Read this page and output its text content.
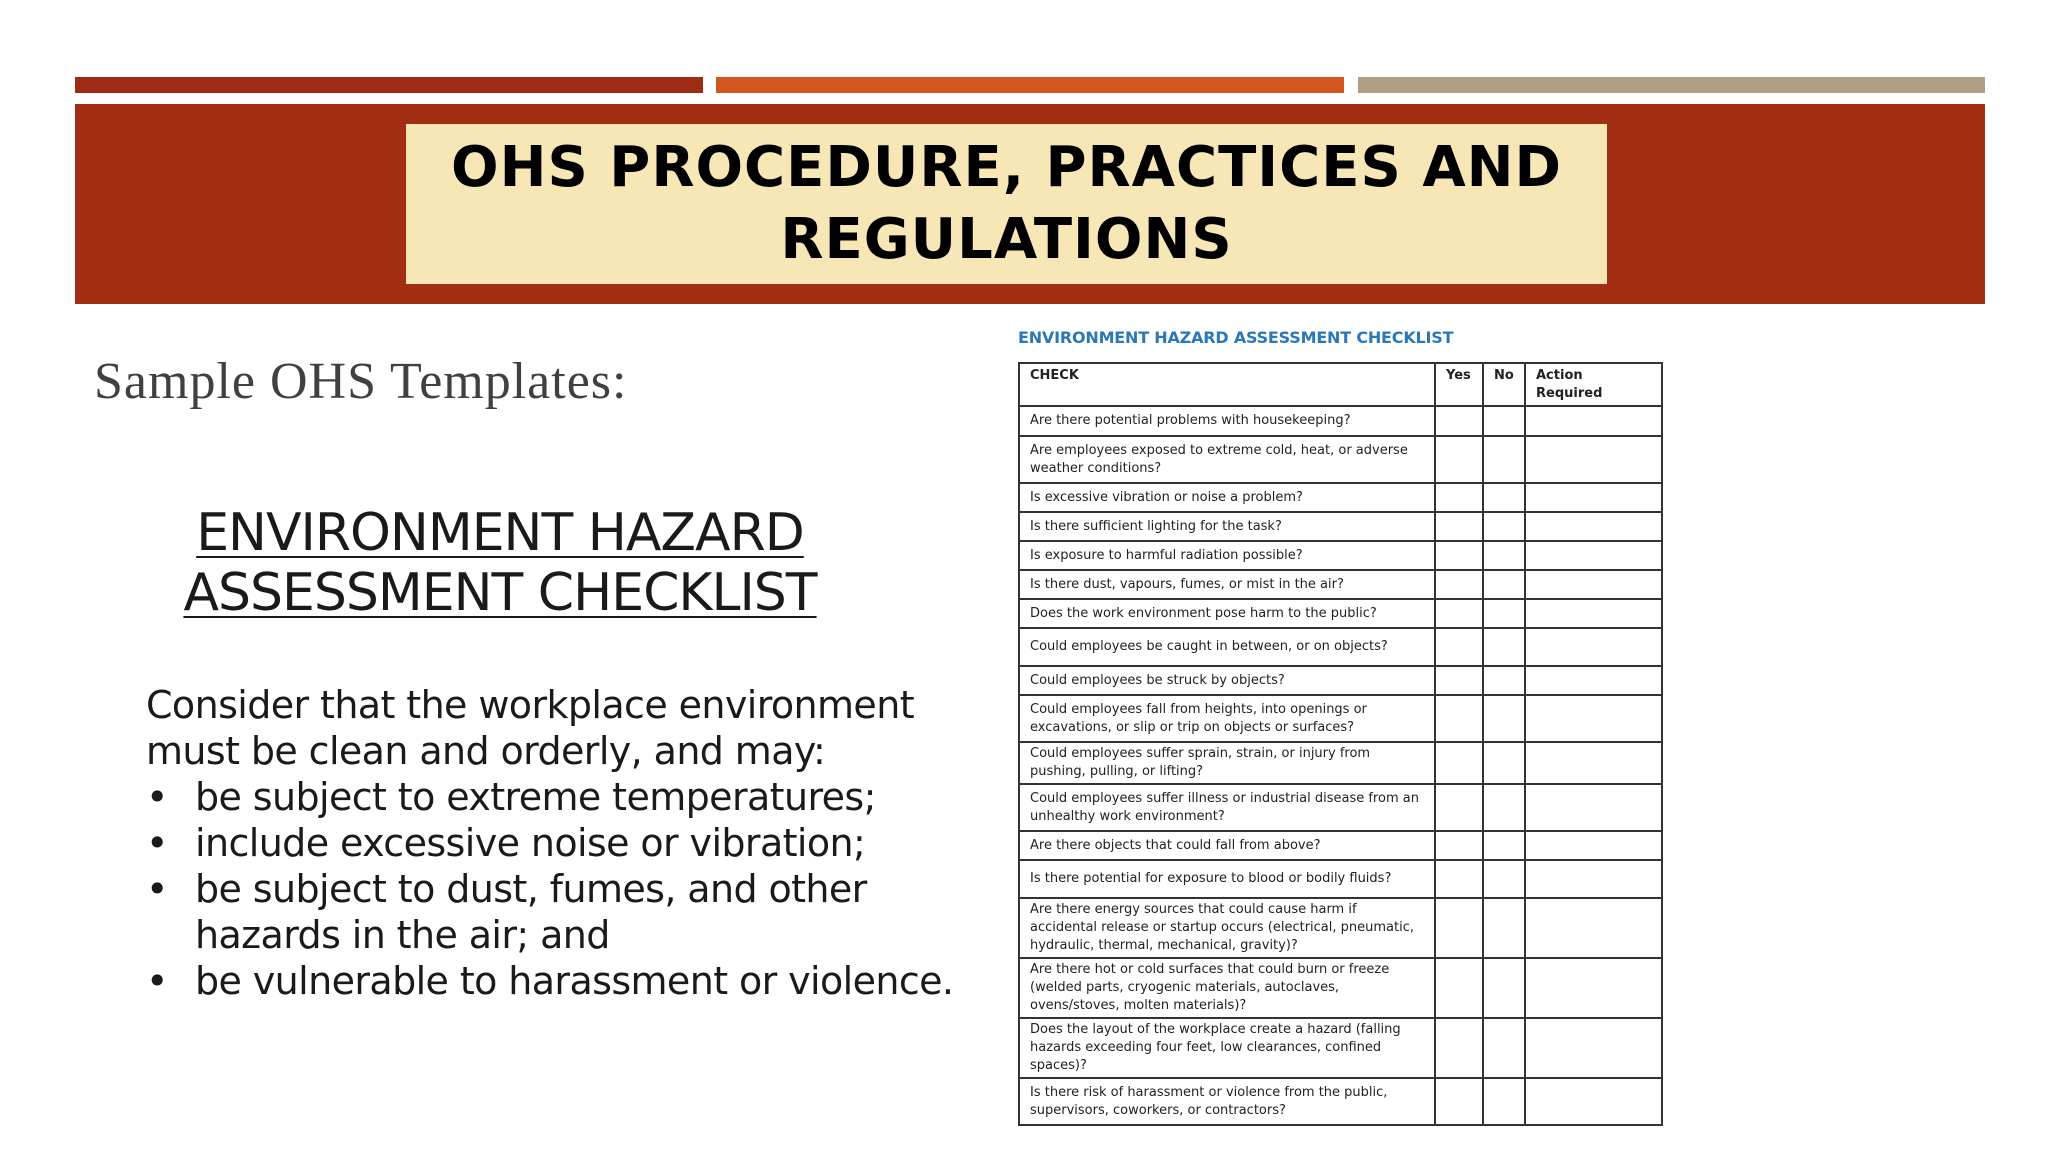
OHS PROCEDURE, PRACTICES AND REGULATIONS
Sample OHS Templates:
ENVIRONMENT HAZARD ASSESSMENT CHECKLIST

Consider that the workplace environment must be clean and orderly, and may:

• be subject to extreme temperatures;
• include excessive noise or vibration;
• be subject to dust, fumes, and other hazards in the air; and
• be vulnerable to harassment or violence.
ENVIRONMENT HAZARD ASSESSMENT CHECKLIST
CHECK	Yes	No	Action Required
Are there potential problems with housekeeping?			
Are employees exposed to extreme cold, heat, or adverse weather conditions?			
Is excessive vibration or noise a problem?			
Is there sufficient lighting for the task?			
Is exposure to harmful radiation possible?			
Is there dust, vapours, fumes, or mist in the air?			
Does the work environment pose harm to the public?			
Could employees be caught in between, or on objects?			
Could employees be struck by objects?			
Could employees fall from heights, into openings or excavations, or slip or trip on objects or surfaces?			
Could employees suffer sprain, strain, or injury from pushing, pulling, or lifting?			
Could employees suffer illness or industrial disease from an unhealthy work environment?			
Are there objects that could fall from above?			
Is there potential for exposure to blood or bodily fluids?			
Are there energy sources that could cause harm if accidental release or startup occurs (electrical, pneumatic, hydraulic, thermal, mechanical, gravity)?			
Are there hot or cold surfaces that could burn or freeze (welded parts, cryogenic materials, autoclaves, ovens/stoves, molten materials)?			
Does the layout of the workplace create a hazard (falling hazards exceeding four feet, low clearances, confined spaces)?			
Is there risk of harassment or violence from the public, supervisors, coworkers, or contractors?			
